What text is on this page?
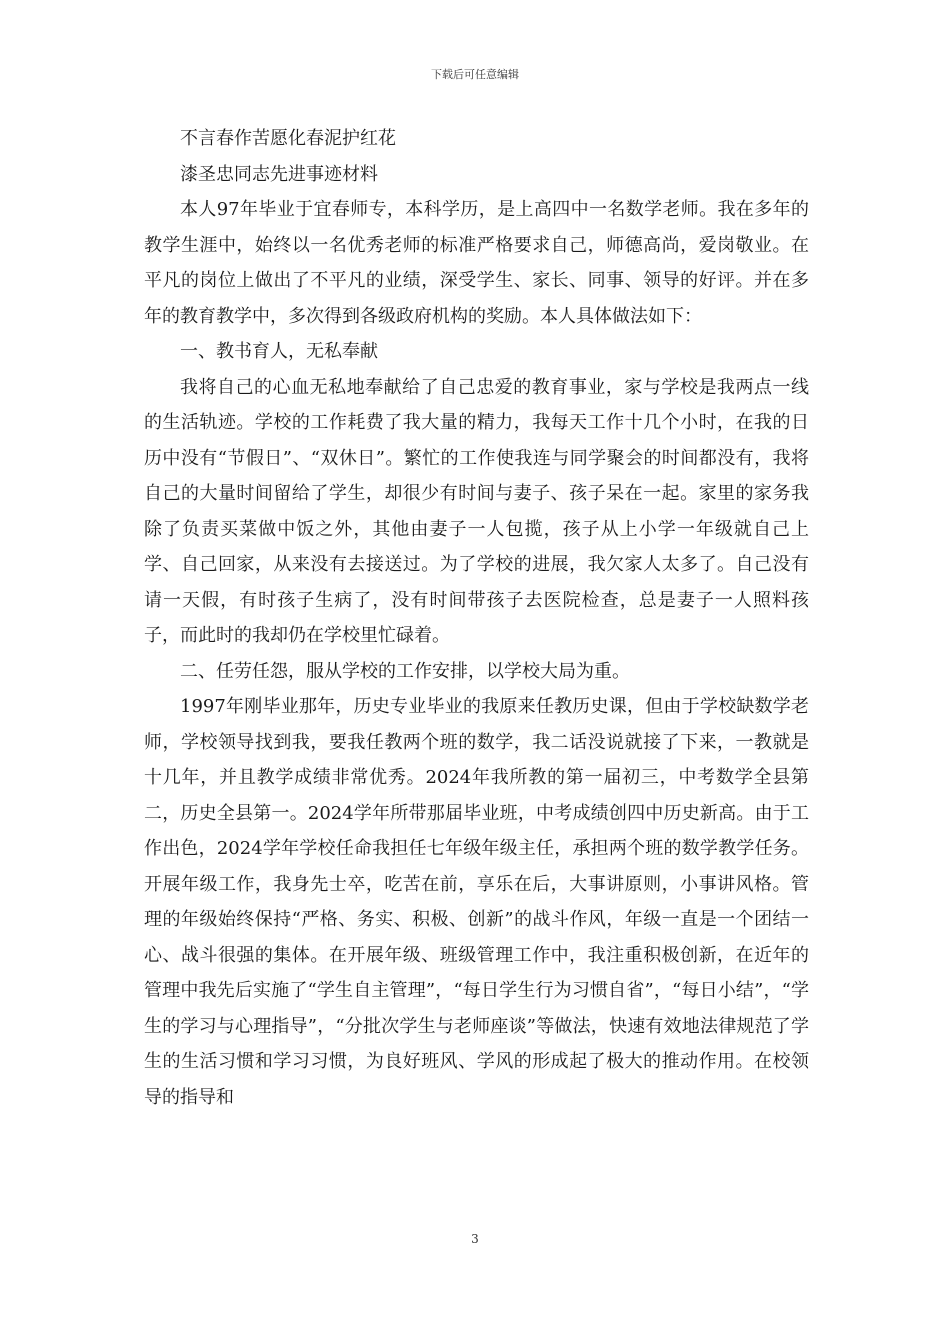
下载后可任意编辑

不言春作苦愿化春泥护红花

漆圣忠同志先进事迹材料

本人97年毕业于宜春师专，本科学历，是上高四中一名数学老师。我在多年的教学生涯中，始终以一名优秀老师的标准严格要求自己，师德高尚，爱岗敬业。在平凡的岗位上做出了不平凡的业绩，深受学生、家长、同事、领导的好评。并在多年的教育教学中，多次得到各级政府机构的奖励。本人具体做法如下：

一、教书育人，无私奉献

我将自己的心血无私地奉献给了自己忠爱的教育事业，家与学校是我两点一线的生活轨迹。学校的工作耗费了我大量的精力，我每天工作十几个小时，在我的日历中没有“节假日”、“双休日”。繁忙的工作使我连与同学聚会的时间都没有，我将自己的大量时间留给了学生，却很少有时间与妻子、孩子呆在一起。家里的家务我除了负责买菜做中饭之外，其他由妻子一人包揽，孩子从上小学一年级就自己上学、自己回家，从来没有去接送过。为了学校的进展，我欠家人太多了。自己没有请一天假，有时孩子生病了，没有时间带孩子去医院检查，总是妻子一人照料孩子，而此时的我却仍在学校里忙碌着。

二、任劳任怨，服从学校的工作安排，以学校大局为重。

1997年刚毕业那年，历史专业毕业的我原来任教历史课，但由于学校缺数学老师，学校领导找到我，要我任教两个班的数学，我二话没说就接了下来，一教就是十几年，并且教学成绩非常优秀。2024年我所教的第一届初三，中考数学全县第二，历史全县第一。2024学年所带那届毕业班，中考成绩创四中历史新高。由于工作出色，2024学年学校任命我担任七年级年级主任，承担两个班的数学教学任务。开展年级工作，我身先士卒，吃苦在前，享乐在后，大事讲原则，小事讲风格。管理的年级始终保持“严格、务实、积极、创新”的战斗作风，年级一直是一个团结一心、战斗很强的集体。在开展年级、班级管理工作中，我注重积极创新，在近年的管理中我先后实施了“学生自主管理”，“每日学生行为习惯自省”，“每日小结”，“学生的学习与心理指导”，“分批次学生与老师座谈”等做法，快速有效地法律规范了学生的生活习惯和学习习惯，为良好班风、学风的形成起了极大的推动作用。在校领导的指导和

3
